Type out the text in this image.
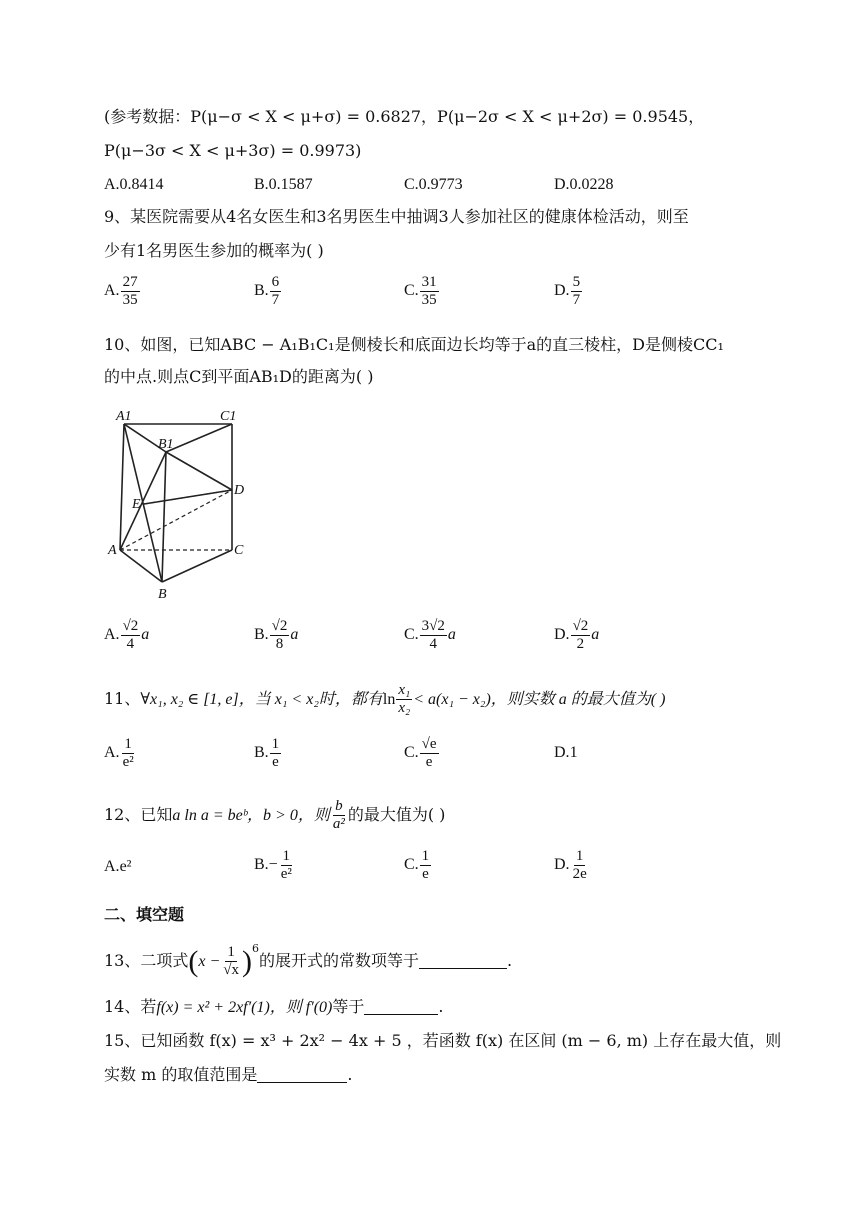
(参考数据：P(μ−σ < X < μ+σ) = 0.6827，P(μ−2σ < X < μ+2σ) = 0.9545，
P(μ−3σ < X < μ+3σ) = 0.9973)
A.0.8414	B.0.1587	C.0.9773	D.0.0228
9、某医院需要从4名女医生和3名男医生中抽调3人参加社区的健康体检活动，则至
少有1名男医生参加的概率为( )
A. $\frac{27}{35}$	B. $\frac{6}{7}$	C. $\frac{31}{35}$	D. $\frac{5}{7}$
10、如图，已知ABC − A₁B₁C₁是侧棱长和底面边长均等于a的直三棱柱，D是侧棱CC₁
的中点.则点C到平面AB₁D的距离为( )
A1	C1
B1
D
E
A	C
B
A. $\frac{√2}{4}$ a	B. $\frac{√2}{8}$ a	C. $\frac{3√2}{4}$ a	D. $\frac{√2}{2}$ a
11、∀x₁, x₂ ∈ [1, e]，当 x₁ < x₂时，都有$\ln \frac{\text{x₁}}{\text{x₂}} < a(x_1 - x_2)$，则实数 a 的最大值为( )
A. $\frac{1}{\text{e²}}$	B. $\frac{1}{e}$	C. $\frac{√e}{e}$	D.1
12、已知a ln a = beᵇ，b > 0，则 $\frac{b}{\text{a²}}$ 的最大值为( )
A.e²	$B.- \frac{1}{\text{e²}}$	C. $\frac{1}{e}$	D. $\frac{1}{2e}$
二、填空题
13、二项式$(x - \frac{1}{√x} )^6$的展开式的常数项等于	.
14、若f(x) = x² + 2xf′(1)，则 f′(0)等于	.
15、已知函数 f(x) = x³ + 2x² − 4x + 5 ，若函数 f(x) 在区间 (m − 6, m) 上存在最大值，则
实数 m 的取值范围是	.
